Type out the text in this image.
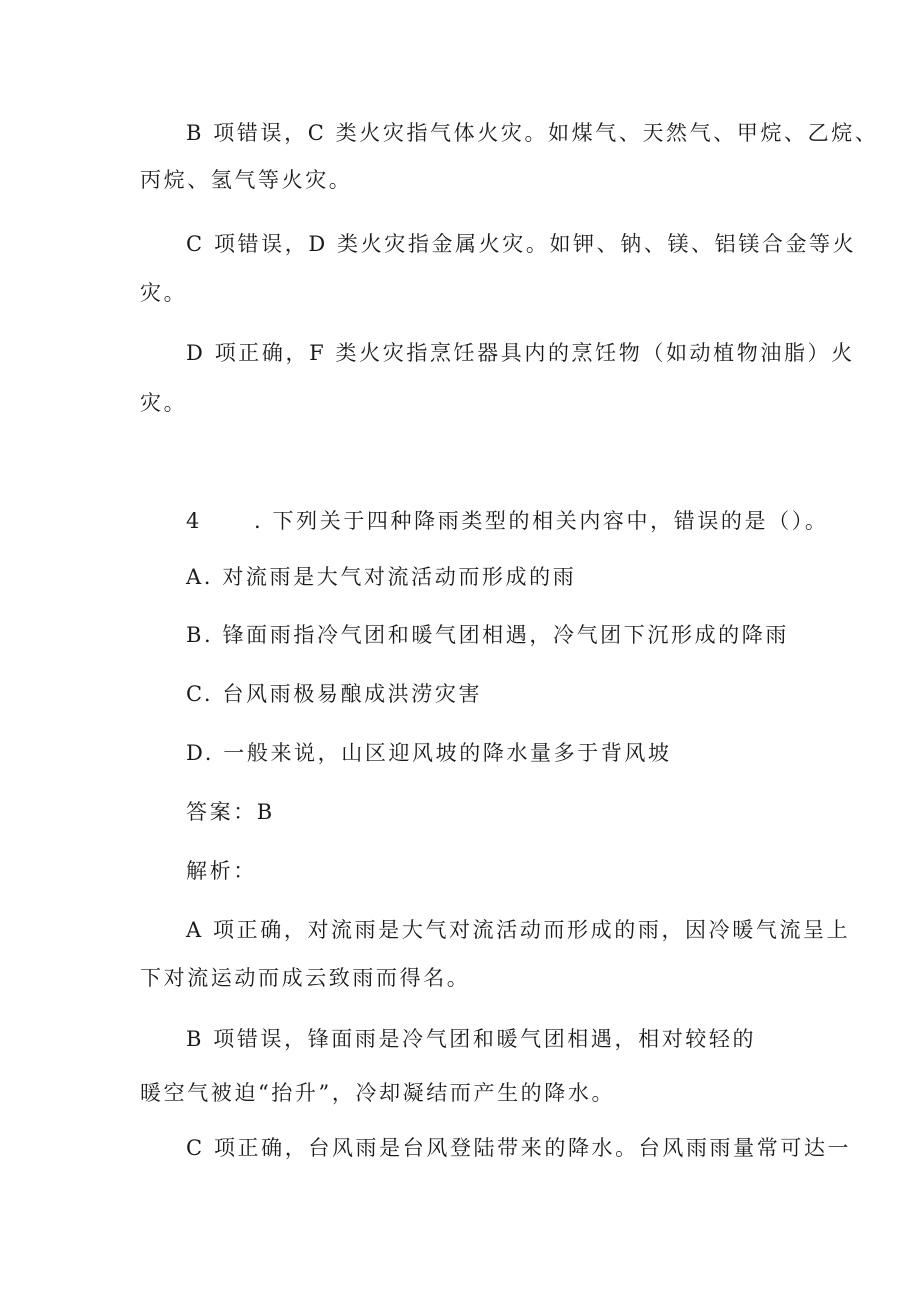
B 项错误，C 类火灾指气体火灾。如煤气、天然气、甲烷、乙烷、
丙烷、氢气等火灾。
C 项错误，D 类火灾指金属火灾。如钾、钠、镁、铝镁合金等火
灾。
D 项正确，F 类火灾指烹饪器具内的烹饪物（如动植物油脂）火
灾。
4 . 下列关于四种降雨类型的相关内容中，错误的是（）。
A. 对流雨是大气对流活动而形成的雨
B. 锋面雨指冷气团和暖气团相遇，冷气团下沉形成的降雨
C. 台风雨极易酿成洪涝灾害
D. 一般来说，山区迎风坡的降水量多于背风坡
答案：B
解析：
A 项正确，对流雨是大气对流活动而形成的雨，因冷暖气流呈上
下对流运动而成云致雨而得名。
B 项错误，锋面雨是冷气团和暖气团相遇，相对较轻的
暖空气被迫“抬升”，冷却凝结而产生的降水。
C 项正确，台风雨是台风登陆带来的降水。台风雨雨量常可达一
